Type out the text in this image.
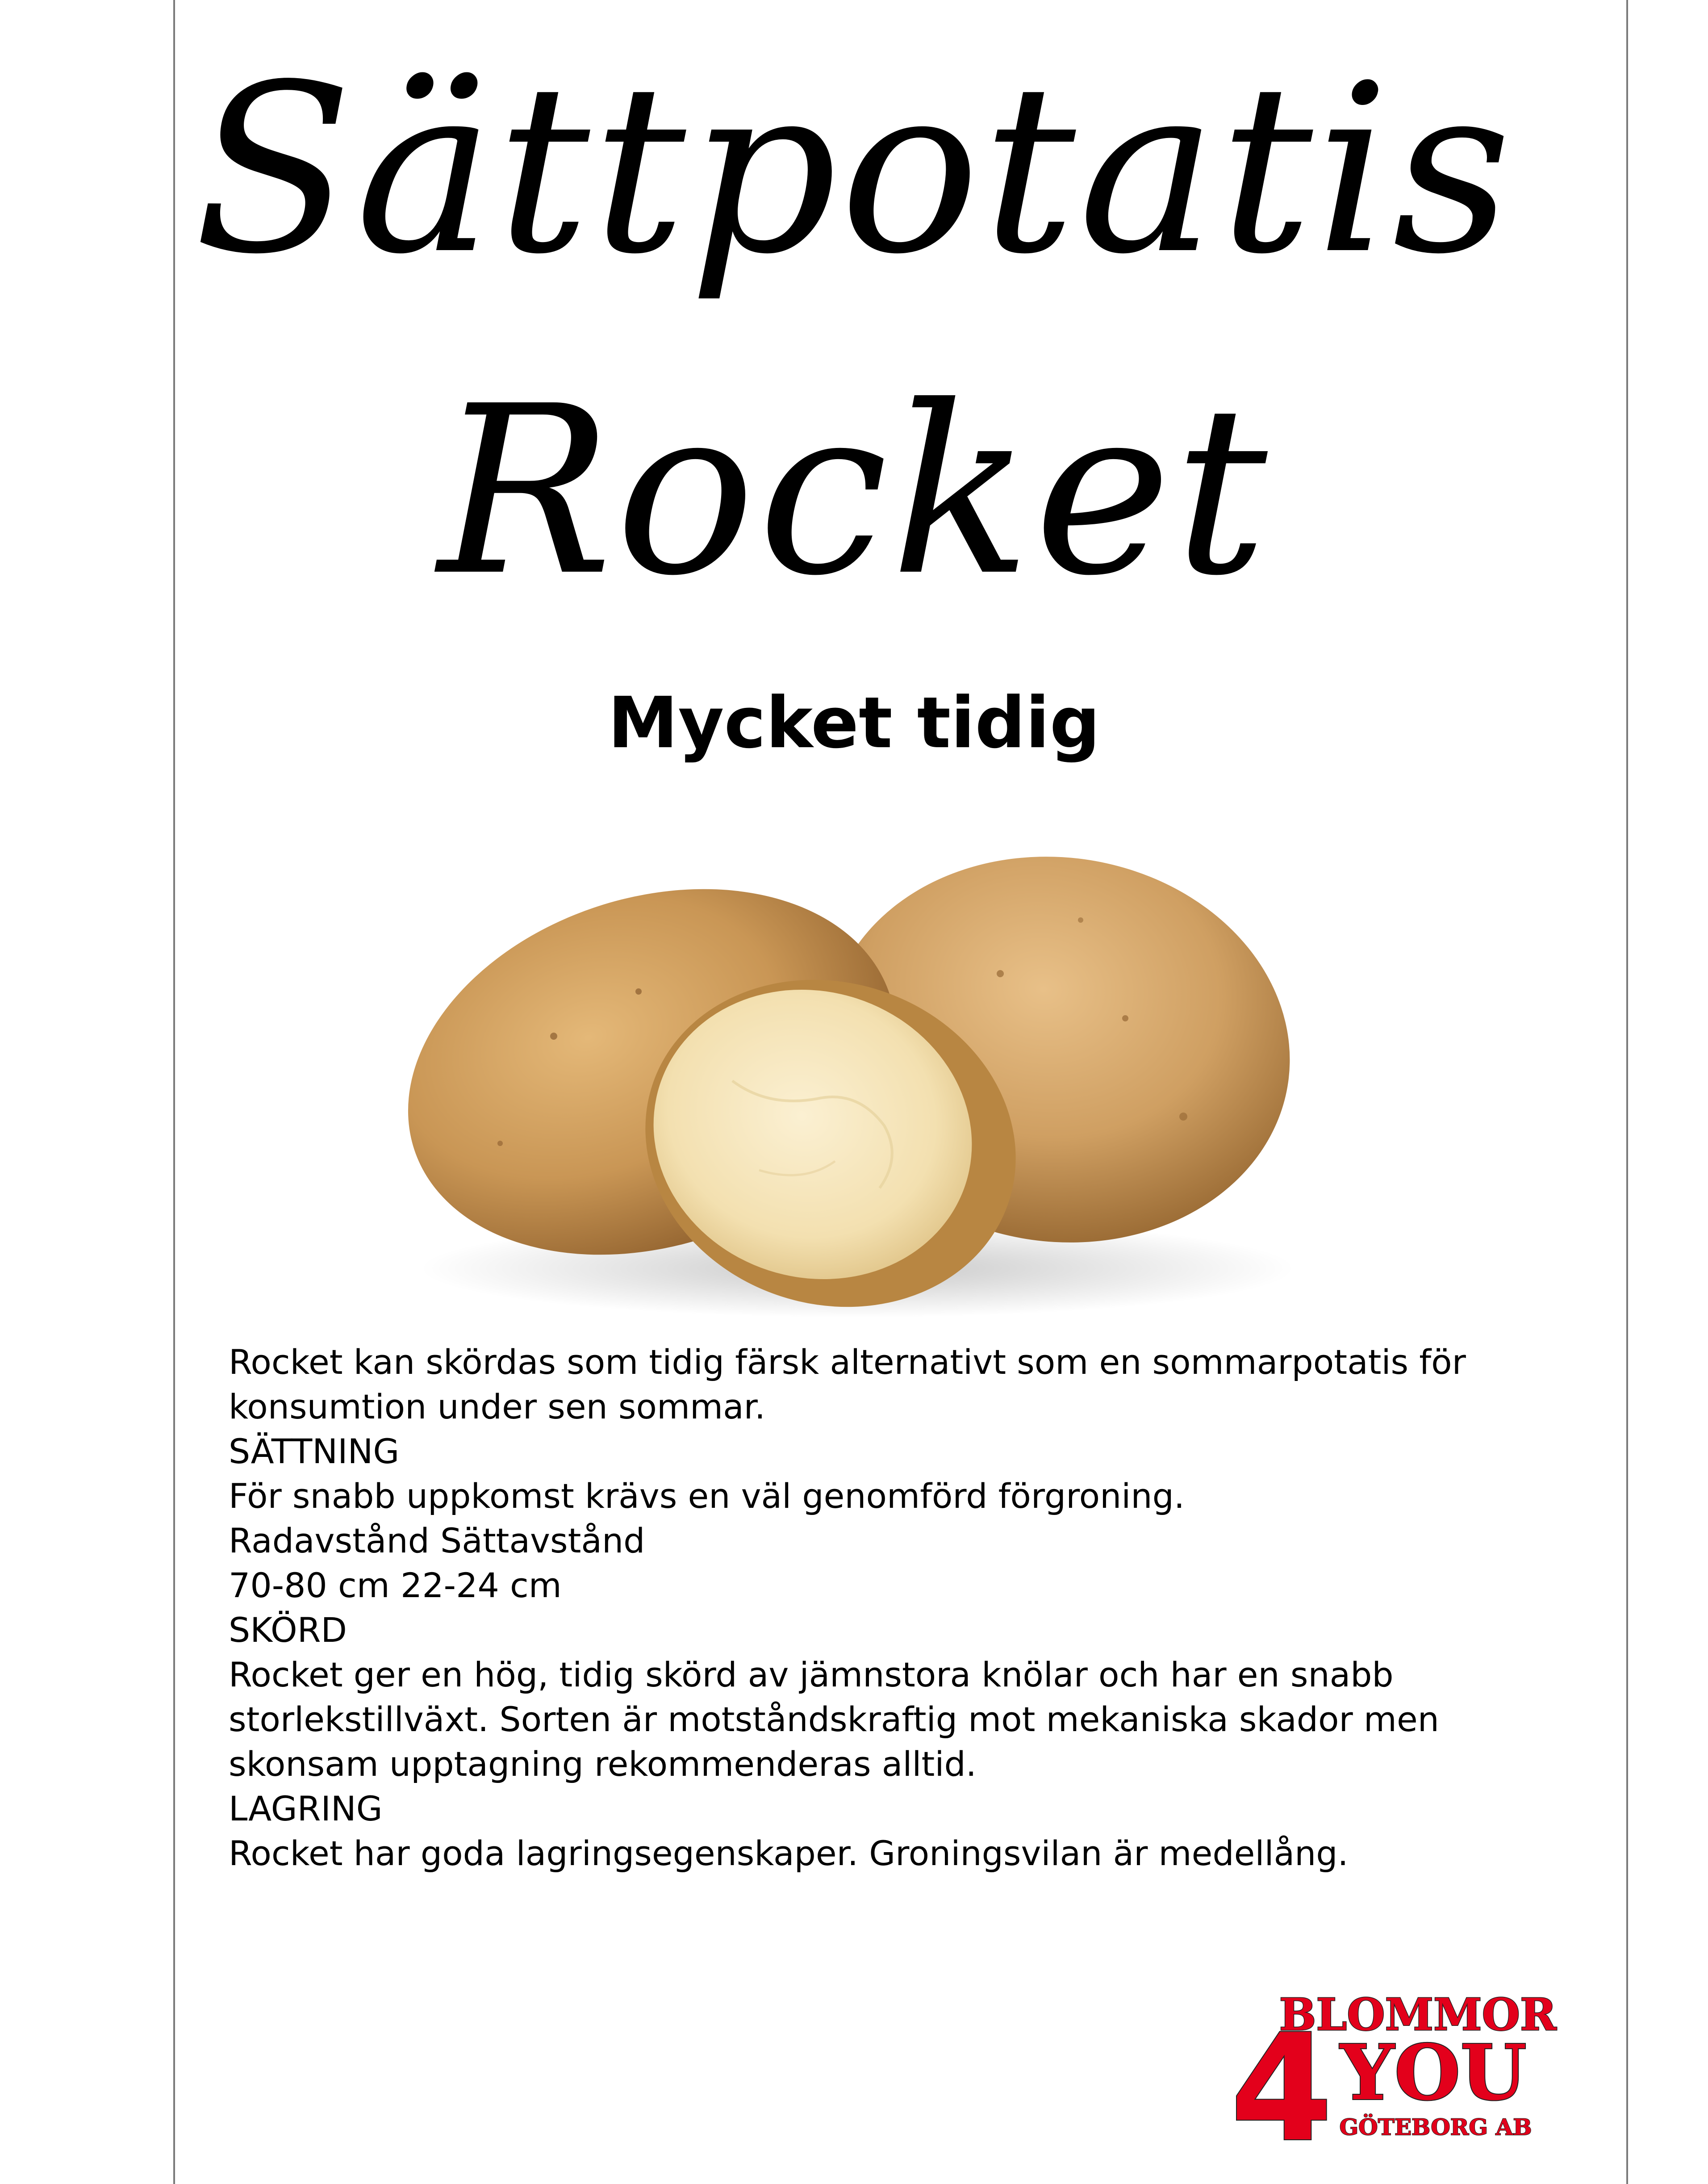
Sättpotatis
Rocket
Mycket tidig
Rocket kan skördas som tidig färsk alternativt som en sommarpotatis för
konsumtion under sen sommar.
SÄTTNING
För snabb uppkomst krävs en väl genomförd förgroning.
Radavstånd Sättavstånd
70-80 cm 22-24 cm
SKÖRD
Rocket ger en hög, tidig skörd av jämnstora knölar och har en snabb
storlekstillväxt. Sorten är motståndskraftig mot mekaniska skador men
skonsam upptagning rekommenderas alltid.
LAGRING
Rocket har goda lagringsegenskaper. Groningsvilan är medellång.
BLOMMOR
4 YOU
GÖTEBORG AB
